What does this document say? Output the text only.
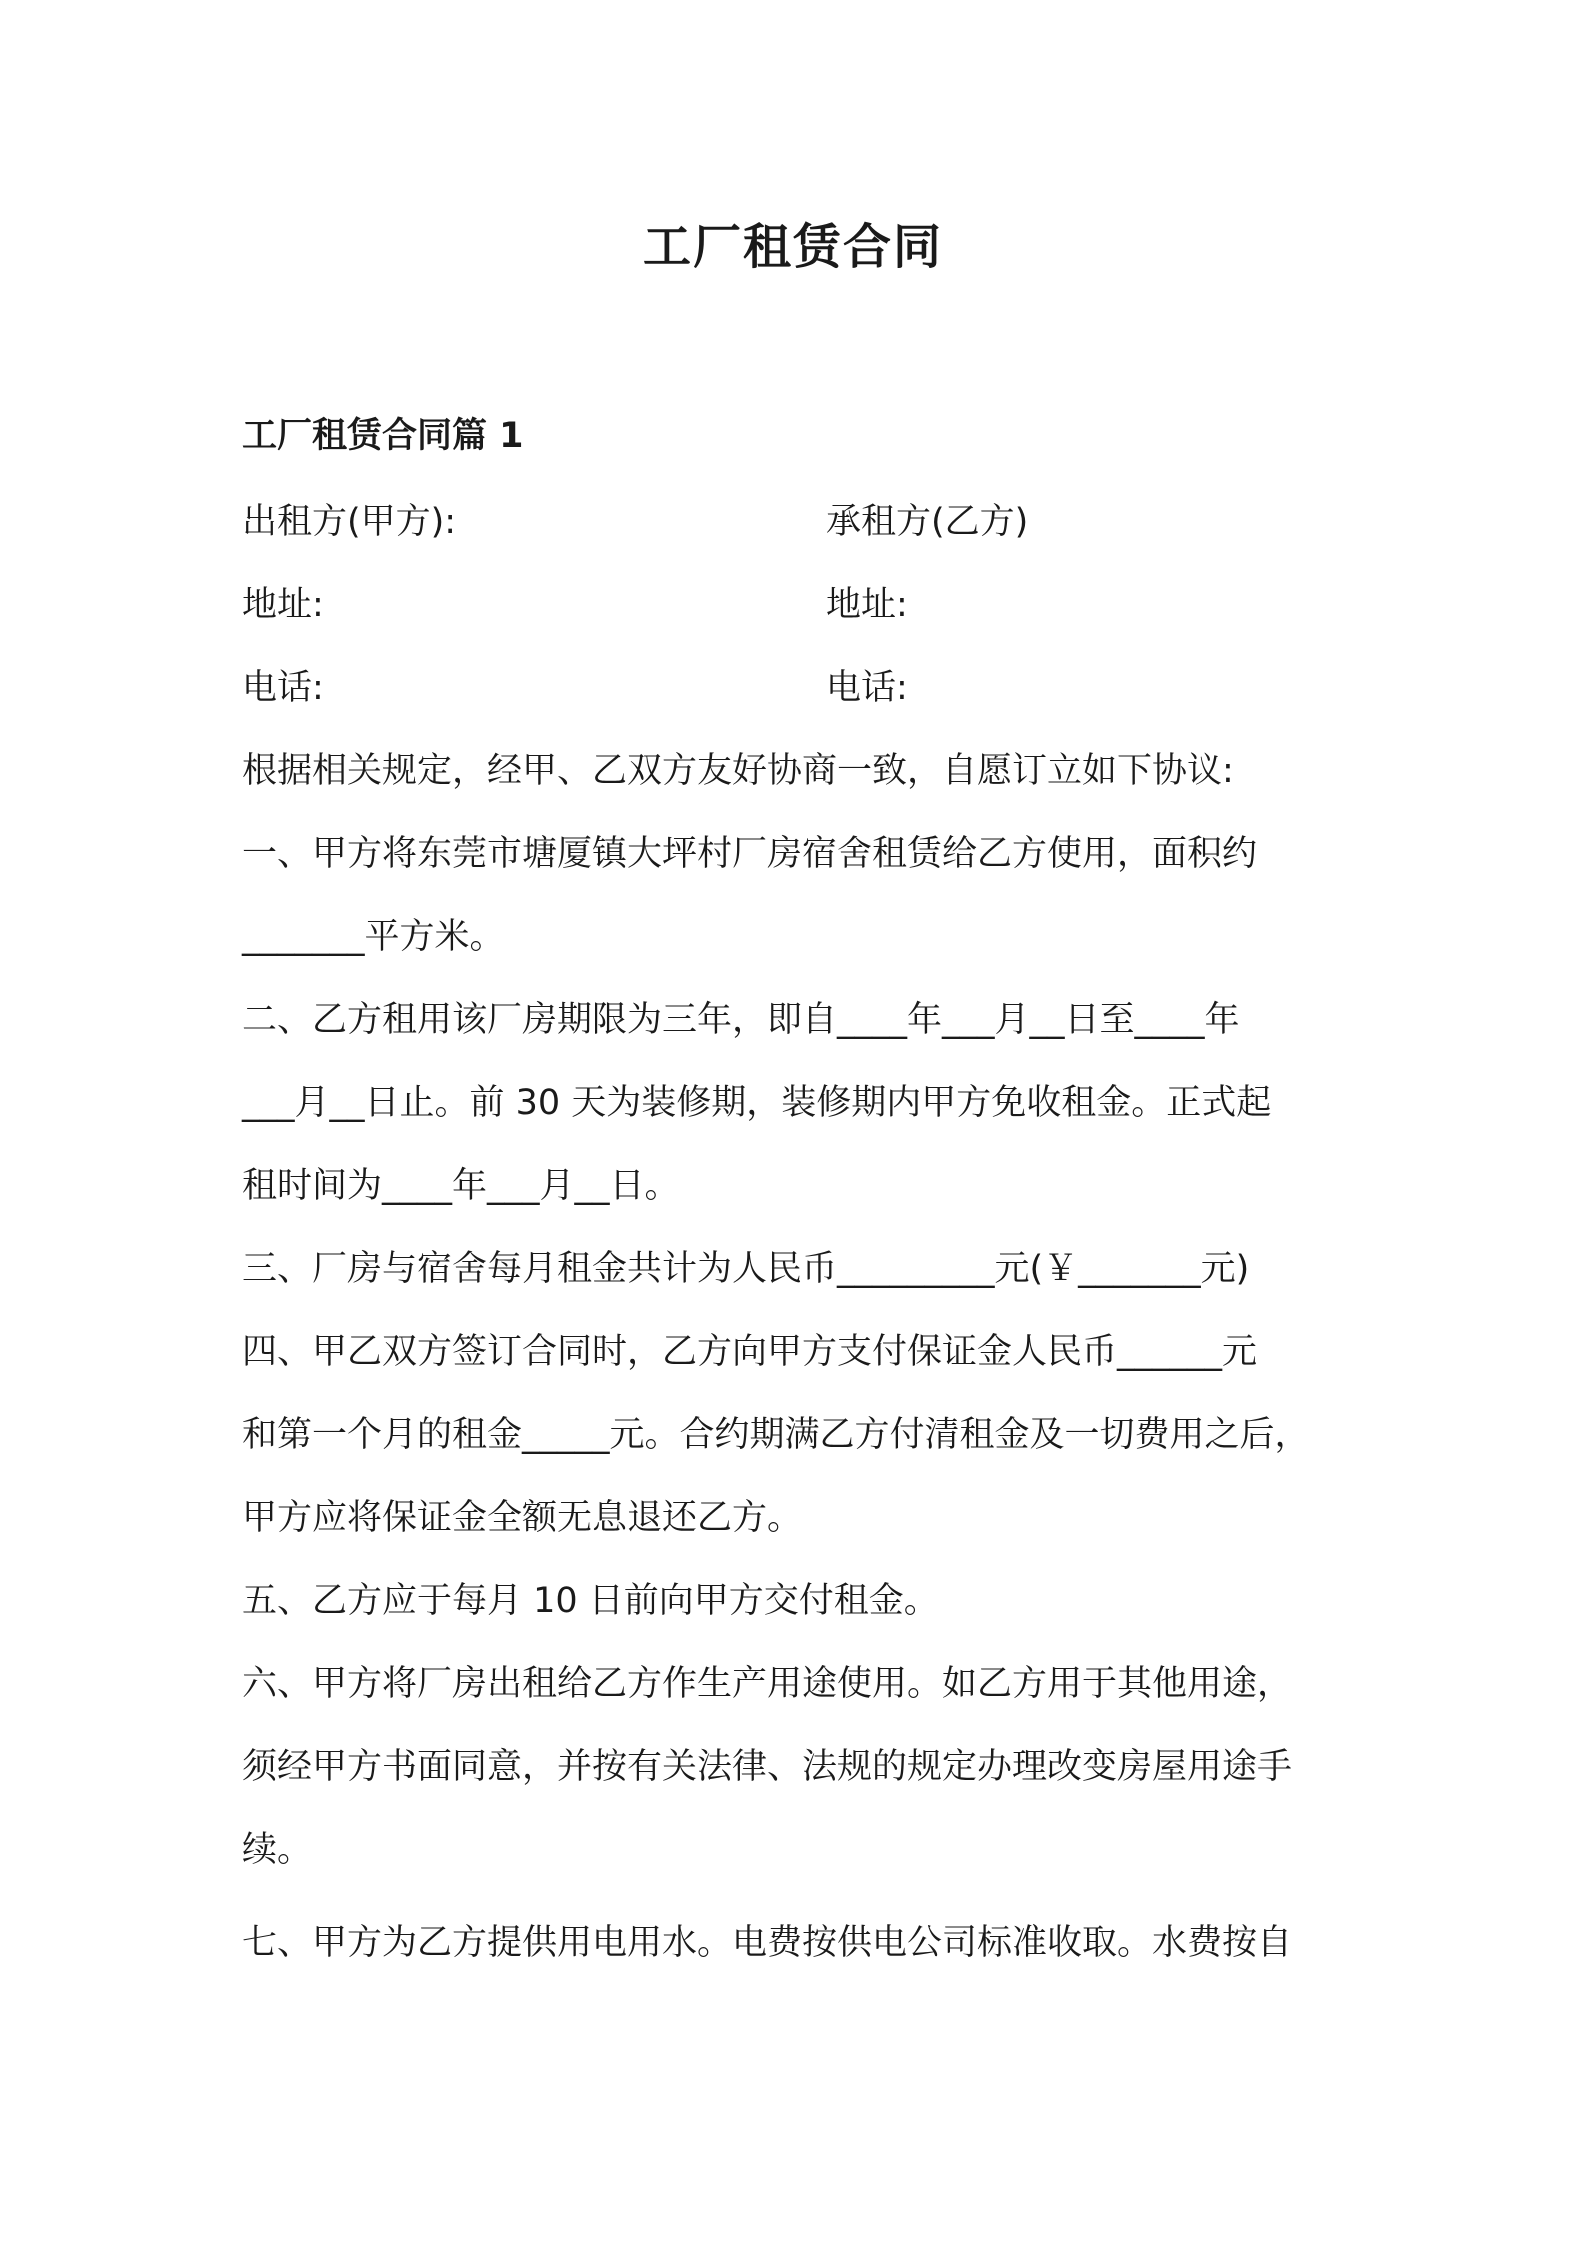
工厂租赁合同
工厂租赁合同篇 1
出租方(甲方):	承租方(乙方)
地址:	地址:
电话:	电话:
根据相关规定，经甲、乙双方友好协商一致，自愿订立如下协议:
一、甲方将东莞市塘厦镇大坪村厂房宿舍租赁给乙方使用，面积约
_______平方米。
二、乙方租用该厂房期限为三年，即自____年___月__日至____年
___月__日止。前 30 天为装修期，装修期内甲方免收租金。正式起
租时间为____年___月__日。
三、厂房与宿舍每月租金共计为人民币_________元(￥_______元)
四、甲乙双方签订合同时，乙方向甲方支付保证金人民币______元
和第一个月的租金_____元。合约期满乙方付清租金及一切费用之后，
甲方应将保证金全额无息退还乙方。
五、乙方应于每月 10 日前向甲方交付租金。
六、甲方将厂房出租给乙方作生产用途使用。如乙方用于其他用途，
须经甲方书面同意，并按有关法律、法规的规定办理改变房屋用途手
续。
七、甲方为乙方提供用电用水。电费按供电公司标准收取。水费按自
